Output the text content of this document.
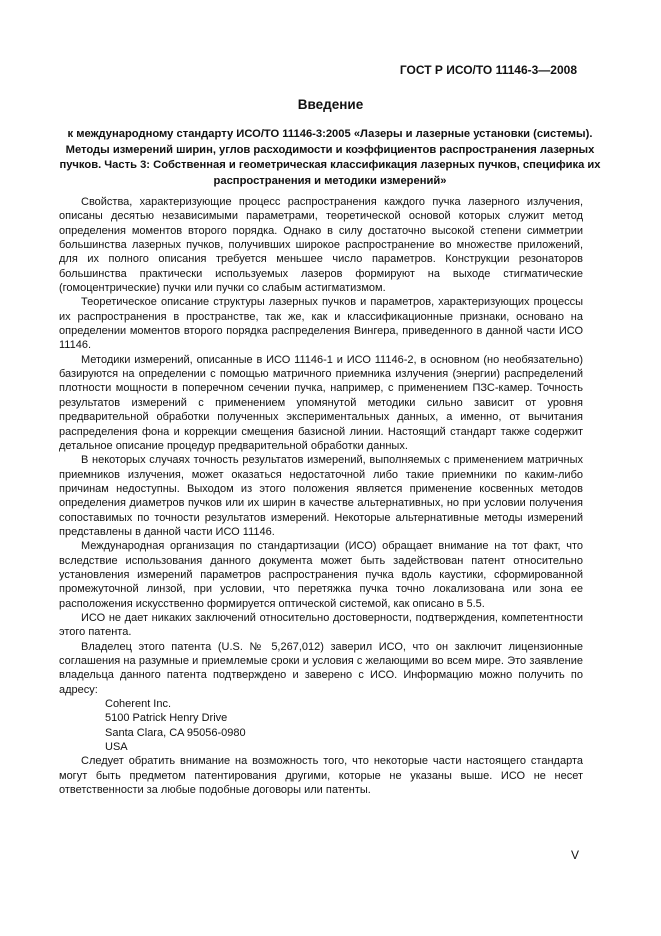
ГОСТ Р ИСО/ТО 11146-3—2008
Введение
к международному стандарту ИСО/ТО 11146-3:2005 «Лазеры и лазерные установки (системы). Методы измерений ширин, углов расходимости и коэффициентов распространения лазерных пучков. Часть 3: Собственная и геометрическая классификация лазерных пучков, специфика их распространения и методики измерений»

Свойства, характеризующие процесс распространения каждого пучка лазерного излучения, описаны десятью независимыми параметрами, теоретической основой которых служит метод определения моментов второго порядка. Однако в силу достаточно высокой степени симметрии большинства лазерных пучков, получивших широкое распространение во множестве приложений, для их полного описания требуется меньшее число параметров. Конструкции резонаторов большинства практически используемых лазеров формируют на выходе стигматические (гомоцентрические) пучки или пучки со слабым астигматизмом.

Теоретическое описание структуры лазерных пучков и параметров, характеризующих процессы их распространения в пространстве, так же, как и классификационные признаки, основано на определении моментов второго порядка распределения Вингера, приведенного в данной части ИСО 11146.

Методики измерений, описанные в ИСО 11146-1 и ИСО 11146-2, в основном (но необязательно) базируются на определении с помощью матричного приемника излучения (энергии) распределений плотности мощности в поперечном сечении пучка, например, с применением ПЗС-камер. Точность результатов измерений с применением упомянутой методики сильно зависит от уровня предварительной обработки полученных экспериментальных данных, а именно, от вычитания распределения фона и коррекции смещения базисной линии. Настоящий стандарт также содержит детальное описание процедур предварительной обработки данных.

В некоторых случаях точность результатов измерений, выполняемых с применением матричных приемников излучения, может оказаться недостаточной либо такие приемники по каким-либо причинам недоступны. Выходом из этого положения является применение косвенных методов определения диаметров пучков или их ширин в качестве альтернативных, но при условии получения сопоставимых по точности результатов измерений. Некоторые альтернативные методы измерений представлены в данной части ИСО 11146.

Международная организация по стандартизации (ИСО) обращает внимание на тот факт, что вследствие использования данного документа может быть задействован патент относительно установления измерений параметров распространения пучка вдоль каустики, сформированной промежуточной линзой, при условии, что перетяжка пучка точно локализована или зона ее расположения искусственно формируется оптической системой, как описано в 5.5.

ИСО не дает никаких заключений относительно достоверности, подтверждения, компетентности этого патента.

Владелец этого патента (U.S. № 5,267,012) заверил ИСО, что он заключит лицензионные соглашения на разумные и приемлемые сроки и условия с желающими во всем мире. Это заявление владельца данного патента подтверждено и заверено с ИСО. Информацию можно получить по адресу:

Coherent Inc.

5100 Patrick Henry Drive

Santa Clara, CA 95056-0980

USA

Следует обратить внимание на возможность того, что некоторые части настоящего стандарта могут быть предметом патентирования другими, которые не указаны выше. ИСО не несет ответственности за любые подобные договоры или патенты.

V
